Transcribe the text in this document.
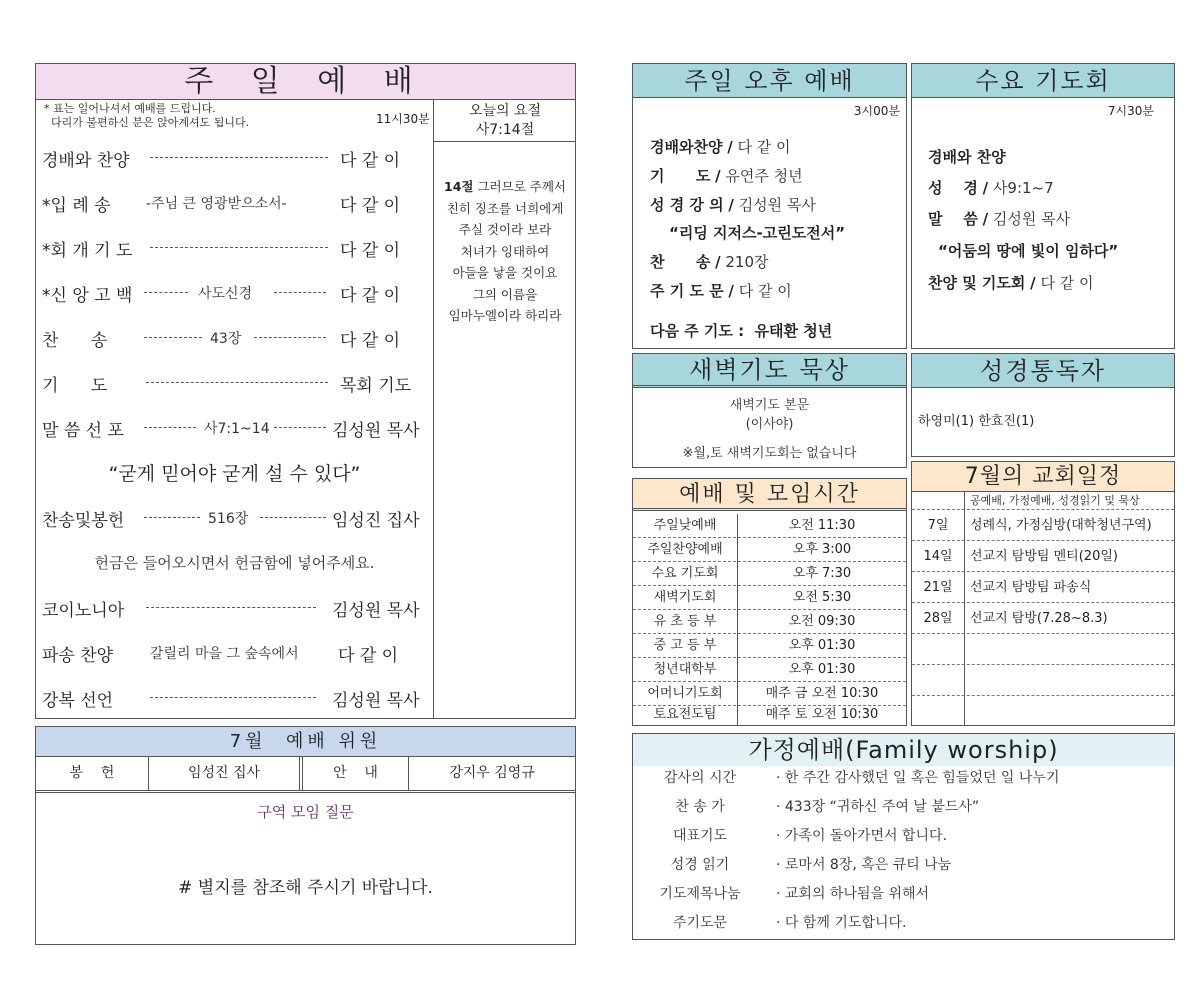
주 일 예 배
* 표는 일어나셔서 예배를 드립니다.
다리가 불편하신 분은 앉아계셔도 됩니다.	11시30분	오늘의 요절
사7:14절
14절 그러므로 주께서
친히 징조를 너희에게
주실 것이라 보라
처녀가 잉태하여
아들을 낳을 것이요
그의 이름을
임마누엘이라 하리라
경배와 찬양	다 같 이
*입 례 송	-주님 큰 영광받으소서-	다 같 이
*회 개 기 도	다 같 이
*신 앙 고 백	사도신경	다 같 이
찬      송	43장	다 같 이
기      도	목회 기도
말 씀 선 포	사7:1~14	김성원 목사
“굳게 믿어야 굳게 설 수 있다”
찬송및봉헌	516장	임성진 집사
헌금은 들어오시면서 헌금함에 넣어주세요.
코이노니아	김성원 목사
파송 찬양	갈릴리 마을 그 숲속에서 다 같 이
강복 선언	김성원 목사
7월  예배 위원
봉    헌	임성진 집사	안    내	강지우 김영규
구역 모임 질문
# 별지를 참조해 주시기 바랍니다.
주일 오후 예배
3시00분
경배와찬양 / 다 같 이
기      도 / 유연주 청년
성 경 강 의 / 김성원 목사
“리딩 지저스-고린도전서”
찬      송 / 210장
주 기 도 문 / 다 같 이
다음 주 기도 :  유태환 청년
수요 기도회
7시30분
경배와 찬양
성    경 / 사9:1~7
말    씀 / 김성원 목사
“어둠의 땅에 빛이 임하다”
찬양 및 기도회 / 다 같 이
새벽기도 묵상
새벽기도 본문
(이사야)
※월,토 새벽기도회는 없습니다
성경통독자
하영미(1) 한효진(1)
예배 및 모임시간
주일낮예배	오전 11:30
주일찬양예배	오후 3:00
수요 기도회	오후 7:30
새벽기도회	오전 5:30
유 초 등 부	오전 09:30
중 고 등 부	오후 01:30
청년대학부	오후 01:30
어머니기도회	매주 금 오전 10:30
토요전도팀	매주 토 오전 10:30
7월의 교회일정
공예배, 가정예배, 성경읽기 및 묵상
7일	성례식, 가정심방(대학청년구역)
14일	선교지 탐방팀 멘티(20일)
21일	선교지 탐방팀 파송식
28일	선교지 탐방(7.28~8.3)
가정예배(Family worship)
감사의 시간	· 한 주간 감사했던 일 혹은 힘들었던 일 나누기
찬 송 가	· 433장 “귀하신 주여 날 붙드사”
대표기도	· 가족이 돌아가면서 합니다.
성경 읽기	· 로마서 8장, 혹은 큐티 나눔
기도제목나눔	· 교회의 하나됨을 위해서
주기도문	· 다 함께 기도합니다.
